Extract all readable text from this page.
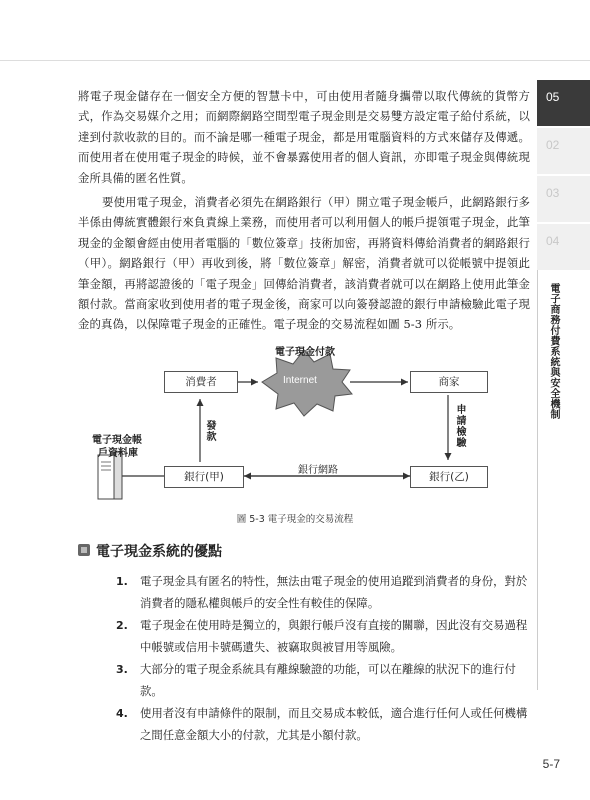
將電子現金儲存在一個安全方便的智慧卡中，可由使用者隨身攜帶以取代傳統的貨幣方式，作為交易媒介之用；而網際網路空間型電子現金則是交易雙方設定電子給付系統，以達到付款收款的目的。而不論是哪一種電子現金，都是用電腦資料的方式來儲存及傳遞。而使用者在使用電子現金的時候，並不會暴露使用者的個人資訊，亦即電子現金與傳統現金所具備的匿名性質。

要使用電子現金，消費者必須先在網路銀行（甲）開立電子現金帳戶，此網路銀行多半係由傳統實體銀行來負責線上業務，而使用者可以利用個人的帳戶提領電子現金，此筆現金的金額會經由使用者電腦的「數位簽章」技術加密，再將資料傳給消費者的網路銀行（甲）。網路銀行（甲）再收到後，將「數位簽章」解密，消費者就可以從帳號中提領此筆金額，再將認證後的「電子現金」回傳給消費者，該消費者就可以在網路上使用此筆金額付款。當商家收到使用者的電子現金後，商家可以向簽發認證的銀行申請檢驗此電子現金的真偽，以保障電子現金的正確性。電子現金的交易流程如圖 5-3 所示。

05
02
03
04
電子商務付費系統與安全機制
消費者	Internet	商家
銀行(甲)	銀行(乙)
電子現金付款
發款	申請檢驗
銀行網路
電子現金帳
戶資料庫
圖 5-3 電子現金的交易流程
電子現金系統的優點
1. 電子現金具有匿名的特性，無法由電子現金的使用追蹤到消費者的身份，對於消費者的隱私權與帳戶的安全性有較佳的保障。
2. 電子現金在使用時是獨立的，與銀行帳戶沒有直接的關聯，因此沒有交易過程中帳號或信用卡號碼遺失、被竊取與被冒用等風險。
3. 大部分的電子現金系統具有離線驗證的功能，可以在離線的狀況下的進行付款。
4. 使用者沒有申請條件的限制，而且交易成本較低，適合進行任何人或任何機構之間任意金額大小的付款，尤其是小額付款。
5-7
